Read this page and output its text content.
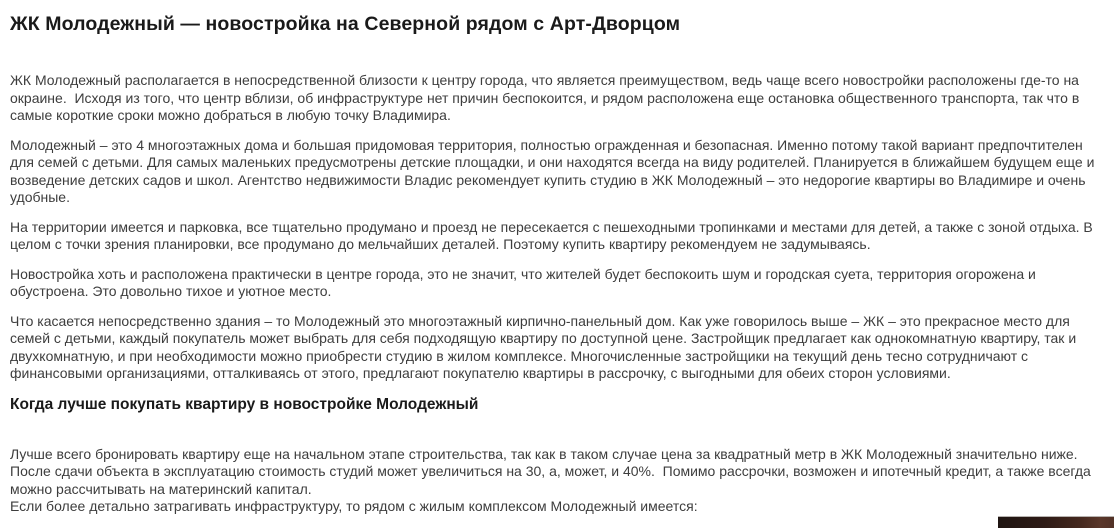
ЖК Молодежный — новостройка на Северной рядом с Арт-Дворцом

ЖК Молодежный располагается в непосредственной близости к центру города, что является преимуществом, ведь чаще всего новостройки расположены где-то на окраине.  Исходя из того, что центр вблизи, об инфраструктуре нет причин беспокоится, и рядом расположена еще остановка общественного транспорта, так что в самые короткие сроки можно добраться в любую точку Владимира.

Молодежный – это 4 многоэтажных дома и большая придомовая территория, полностью огражденная и безопасная. Именно потому такой вариант предпочтителен для семей с детьми. Для самых маленьких предусмотрены детские площадки, и они находятся всегда на виду родителей. Планируется в ближайшем будущем еще и возведение детских садов и школ. Агентство недвижимости Владис рекомендует купить студию в ЖК Молодежный – это недорогие квартиры во Владимире и очень удобные.

На территории имеется и парковка, все тщательно продумано и проезд не пересекается с пешеходными тропинками и местами для детей, а также с зоной отдыха. В целом с точки зрения планировки, все продумано до мельчайших деталей. Поэтому купить квартиру рекомендуем не задумываясь.

Новостройка хоть и расположена практически в центре города, это не значит, что жителей будет беспокоить шум и городская суета, территория огорожена и обустроена. Это довольно тихое и уютное место.

Что касается непосредственно здания – то Молодежный это многоэтажный кирпично-панельный дом. Как уже говорилось выше – ЖК – это прекрасное место для семей с детьми, каждый покупатель может выбрать для себя подходящую квартиру по доступной цене. Застройщик предлагает как однокомнатную квартиру, так и двухкомнатную, и при необходимости можно приобрести студию в жилом комплексе. Многочисленные застройщики на текущий день тесно сотрудничают с финансовыми организациями, отталкиваясь от этого, предлагают покупателю квартиры в рассрочку, с выгодными для обеих сторон условиями.

Когда лучше покупать квартиру в новостройке Молодежный

Лучше всего бронировать квартиру еще на начальном этапе строительства, так как в таком случае цена за квадратный метр в ЖК Молодежный значительно ниже. После сдачи объекта в эксплуатацию стоимость студий может увеличиться на 30, а, может, и 40%.  Помимо рассрочки, возможен и ипотечный кредит, а также всегда можно рассчитывать на материнский капитал.

Если более детально затрагивать инфраструктуру, то рядом с жилым комплексом Молодежный имеется:
